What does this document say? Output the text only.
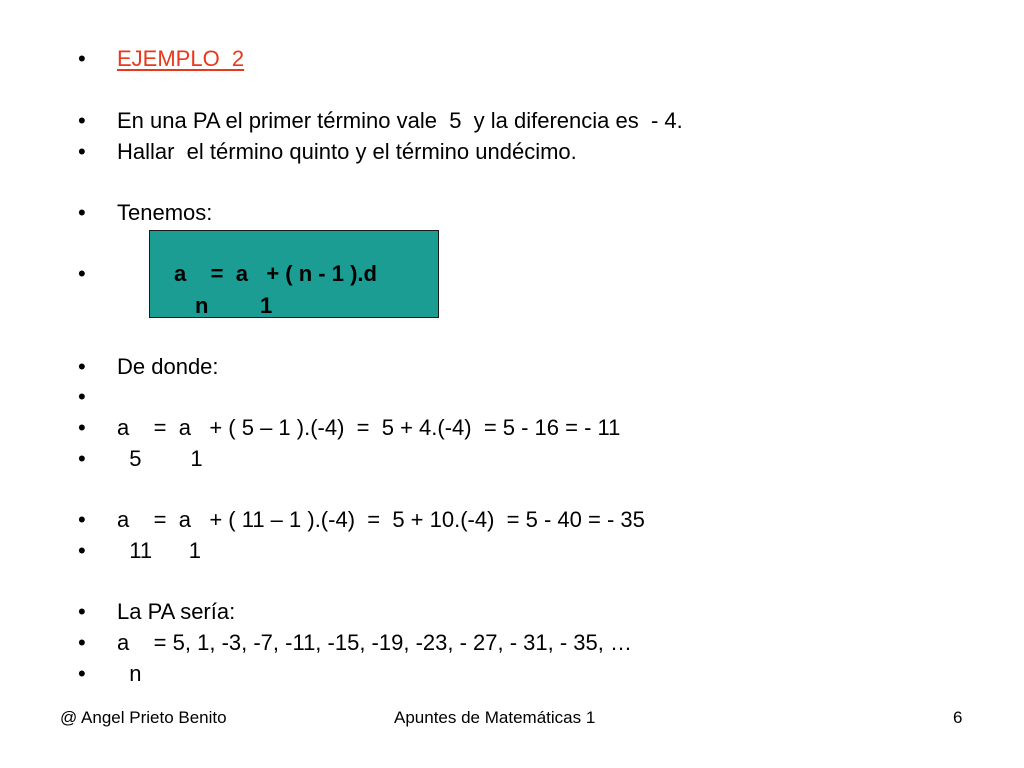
• EJEMPLO  2
• En una PA el primer término vale  5  y la diferencia es  - 4.
• Hallar  el término quinto y el término undécimo.
• Tenemos:
•	a    =  a   + ( n - 1 ).d
n 1
• De donde:
•
• a    =  a   + ( 5 – 1 ).(-4)  =  5 + 4.(-4)  = 5 - 16 = - 11
• 5        1
• a    =  a   + ( 11 – 1 ).(-4)  =  5 + 10.(-4)  = 5 - 40 = - 35
• 11      1
• La PA sería:
• a    = 5, 1, -3, -7, -11, -15, -19, -23, - 27, - 31, - 35, …
• n
@ Angel Prieto Benito	Apuntes de Matemáticas 1	6
